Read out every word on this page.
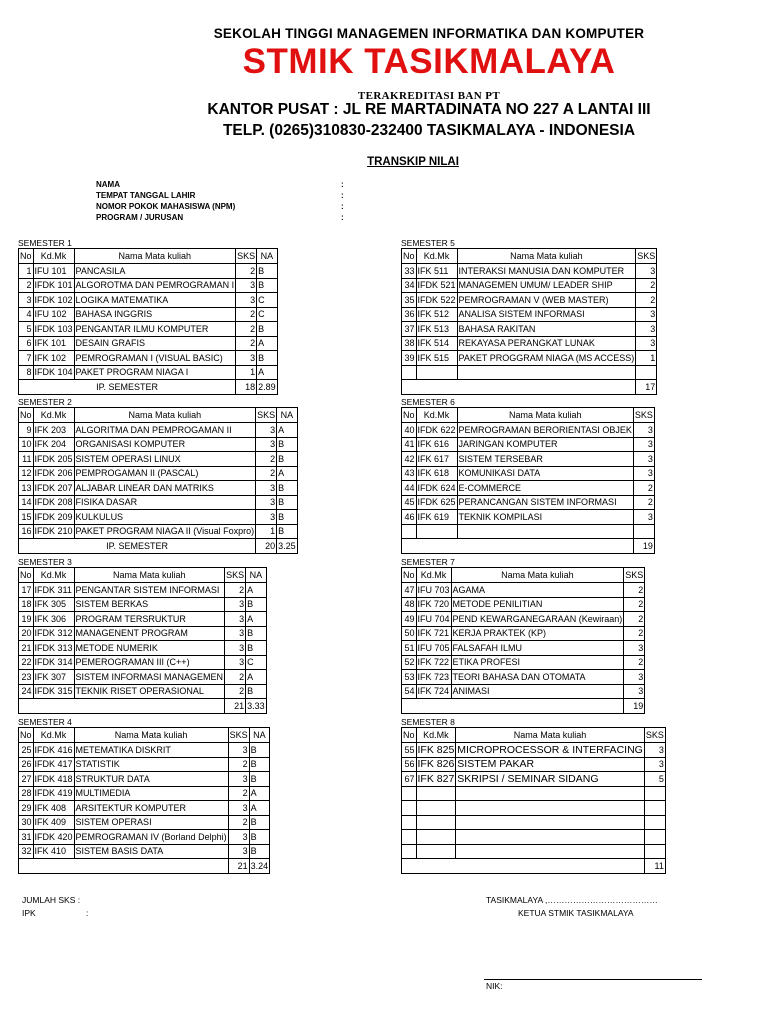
SEKOLAH TINGGI MANAGEMEN INFORMATIKA DAN KOMPUTER
STMIK TASIKMALAYA
TERAKREDITASI BAN PT
KANTOR PUSAT : JL RE MARTADINATA NO 227 A LANTAI III
TELP. (0265)310830-232400 TASIKMALAYA - INDONESIA
TRANSKIP NILAI
NAMA	:
TEMPAT TANGGAL LAHIR	:
NOMOR POKOK MAHASISWA (NPM)	:
PROGRAM / JURUSAN	:
SEMESTER 1
No	Kd.Mk	Nama Mata kuliah	SKS	NA
1	IFU 101	PANCASILA	2	B
2	IFDK 101	ALGOROTMA DAN PEMROGRAMAN I	3	B
3	IFDK 102	LOGIKA MATEMATIKA	3	C
4	IFU 102	BAHASA INGGRIS	2	C
5	IFDK 103	PENGANTAR ILMU KOMPUTER	2	B
6	IFK 101	DESAIN GRAFIS	2	A
7	IFK 102	PEMROGRAMAN I (VISUAL BASIC)	3	B
8	IFDK 104	PAKET PROGRAM NIAGA I	1	A
IP. SEMESTER			18	2.89
SEMESTER 2
No	Kd.Mk	Nama Mata kuliah	SKS	NA
9	IFK 203	ALGORITMA DAN PEMPROGAMAN II	3	A
10	IFK 204	ORGANISASI KOMPUTER	3	B
11	IFDK 205	SISTEM OPERASI LINUX	2	B
12	IFDK 206	PEMPROGAMAN II (PASCAL)	2	A
13	IFDK 207	ALJABAR LINEAR DAN MATRIKS	3	B
14	IFDK 208	FISIKA DASAR	3	B
15	IFDK 209	KULKULUS	3	B
16	IFDK 210	PAKET PROGRAM NIAGA II (Visual Foxpro)	1	B
IP. SEMESTER			20	3.25
SEMESTER 3
No	Kd.Mk	Nama Mata kuliah	SKS	NA
17	IFDK 311	PENGANTAR SISTEM INFORMASI	2	A
18	IFK 305	SISTEM BERKAS	3	B
19	IFK 306	PROGRAM TERSRUKTUR	3	A
20	IFDK 312	MANAGENENT PROGRAM	3	B
21	IFDK 313	METODE NUMERIK	3	B
22	IFDK 314	PEMEROGRAMAN III (C++)	3	C
23	IFK 307	SISTEM INFORMASI MANAGEMEN	2	A
24	IFDK 315	TEKNIK RISET OPERASIONAL	2	B
			21	3.33
SEMESTER 4
No	Kd.Mk	Nama Mata kuliah	SKS	NA
25	IFDK 416	METEMATIKA DISKRIT	3	B
26	IFDK 417	STATISTIK	2	B
27	IFDK 418	STRUKTUR DATA	3	B
28	IFDK 419	MULTIMEDIA	2	A
29	IFK 408	ARSITEKTUR KOMPUTER	3	A
30	IFK 409	SISTEM OPERASI	2	B
31	IFDK 420	PEMROGRAMAN IV (Borland Delphi)	3	B
32	IFK 410	SISTEM BASIS DATA	3	B
			21	3.24
SEMESTER 5
No	Kd.Mk	Nama Mata kuliah	SKS
33	IFK 511	INTERAKSI MANUSIA DAN KOMPUTER	3
34	IFDK 521	MANAGEMEN UMUM/ LEADER SHIP	2
35	IFDK 522	PEMROGRAMAN V (WEB MASTER)	2
36	IFK 512	ANALISA SISTEM INFORMASI	3
37	IFK 513	BAHASA RAKITAN	3
38	IFK 514	REKAYASA PERANGKAT LUNAK	3
39	IFK 515	PAKET PROGGRAM NIAGA (MS ACCESS)	1

			17
SEMESTER 6
No	Kd.Mk	Nama Mata kuliah	SKS
40	IFDK 622	PEMROGRAMAN BERORIENTASI OBJEK	3
41	IFK 616	JARINGAN KOMPUTER	3
42	IFK 617	SISTEM TERSEBAR	3
43	IFK 618	KOMUNIKASI DATA	3
44	IFDK 624	E-COMMERCE	2
45	IFDK 625	PERANCANGAN SISTEM INFORMASI	2
46	IFK 619	TEKNIK KOMPILASI	3

			19
SEMESTER 7
No	Kd.Mk	Nama Mata kuliah	SKS
47	IFU 703	AGAMA	2
48	IFK 720	METODE PENILITIAN	2
49	IFU 704	PEND KEWARGANEGARAAN (Kewiraan)	2
50	IFK 721	KERJA PRAKTEK (KP)	2
51	IFU 705	FALSAFAH ILMU	3
52	IFK 722	ETIKA PROFESI	2
53	IFK 723	TEORI BAHASA DAN OTOMATA	3
54	IFK 724	ANIMASI	3
			19
SEMESTER 8
No	Kd.Mk	Nama Mata kuliah	SKS
55	IFK 825	MICROPROCESSOR & INTERFACING	3
56	IFK 826	SISTEM PAKAR	3
67	IFK 827	SKRIPSI / SEMINAR SIDANG	5

			11
JUMLAH SKS :
IPK	:
TASIKMALAYA ,…………………………………
KETUA STMIK TASIKMALAYA
NIK:
